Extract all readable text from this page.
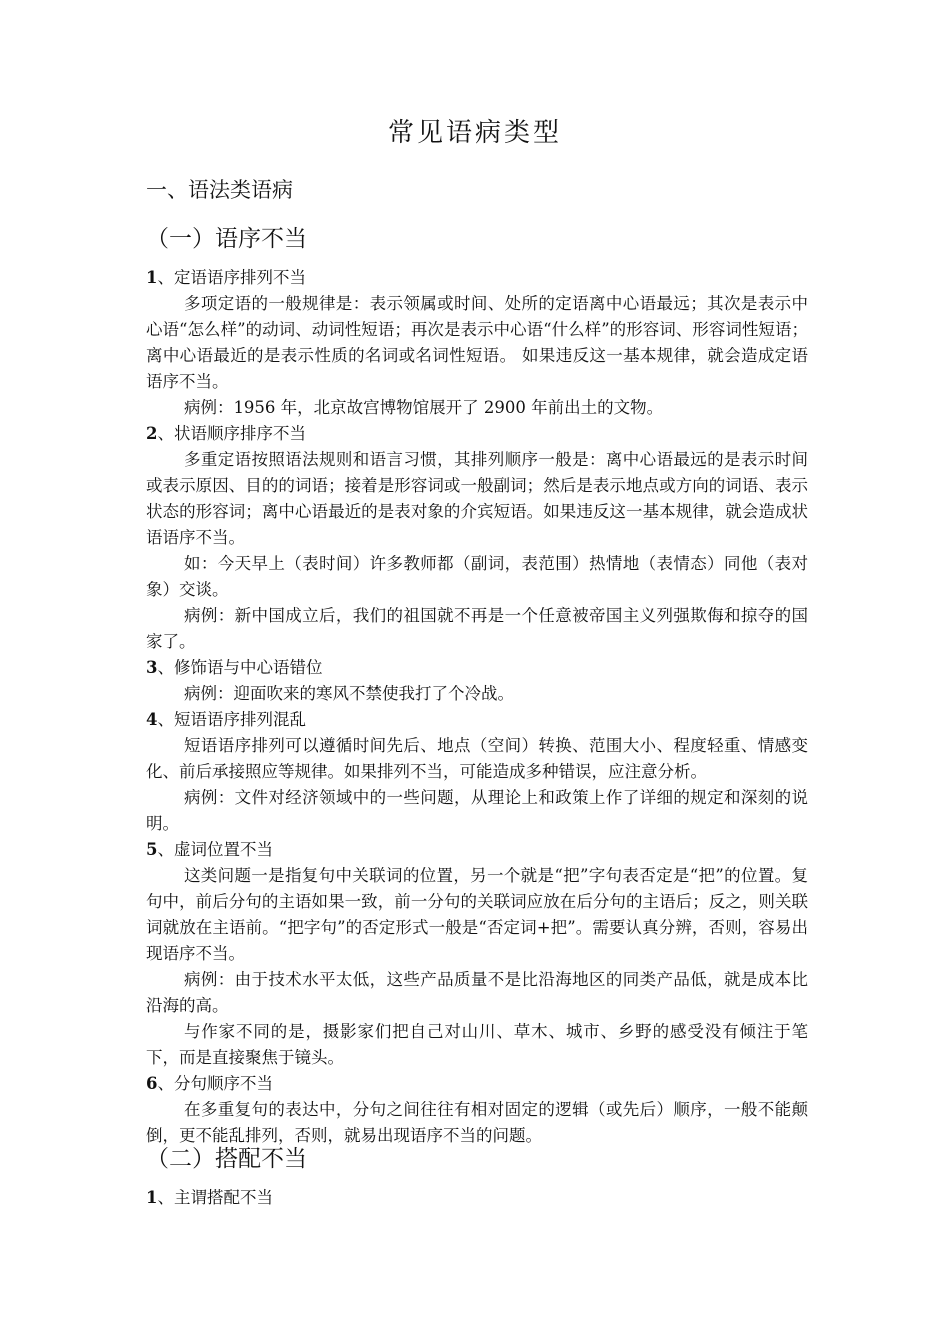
常见语病类型
一、语法类语病
（一）语序不当

1、定语语序排列不当

多项定语的一般规律是：表示领属或时间、处所的定语离中心语最远；其次是表示中心语“怎么样”的动词、动词性短语；再次是表示中心语“什么样”的形容词、形容词性短语；离中心语最近的是表示性质的名词或名词性短语。 如果违反这一基本规律，就会造成定语语序不当。

病例：1956 年，北京故宫博物馆展开了 2900 年前出土的文物。

2、状语顺序排序不当

多重定语按照语法规则和语言习惯，其排列顺序一般是：离中心语最远的是表示时间或表示原因、目的的词语；接着是形容词或一般副词；然后是表示地点或方向的词语、表示状态的形容词；离中心语最近的是表对象的介宾短语。如果违反这一基本规律，就会造成状语语序不当。

如：今天早上（表时间）许多教师都（副词，表范围）热情地（表情态）同他（表对象）交谈。

病例：新中国成立后，我们的祖国就不再是一个任意被帝国主义列强欺侮和掠夺的国家了。

3、修饰语与中心语错位

病例：迎面吹来的寒风不禁使我打了个冷战。

4、短语语序排列混乱

短语语序排列可以遵循时间先后、地点（空间）转换、范围大小、程度轻重、情感变化、前后承接照应等规律。如果排列不当，可能造成多种错误，应注意分析。

病例：文件对经济领域中的一些问题，从理论上和政策上作了详细的规定和深刻的说明。

5、虚词位置不当

这类问题一是指复句中关联词的位置，另一个就是“把”字句表否定是“把”的位置。复句中，前后分句的主语如果一致，前一分句的关联词应放在后分句的主语后；反之，则关联词就放在主语前。“把字句”的否定形式一般是“否定词+把”。需要认真分辨，否则，容易出现语序不当。

病例：由于技术水平太低，这些产品质量不是比沿海地区的同类产品低，就是成本比沿海的高。

与作家不同的是，摄影家们把自己对山川、草木、城市、乡野的感受没有倾注于笔下，而是直接聚焦于镜头。

6、分句顺序不当

在多重复句的表达中，分句之间往往有相对固定的逻辑（或先后）顺序，一般不能颠倒，更不能乱排列，否则，就易出现语序不当的问题。

（二）搭配不当

1、主谓搭配不当
